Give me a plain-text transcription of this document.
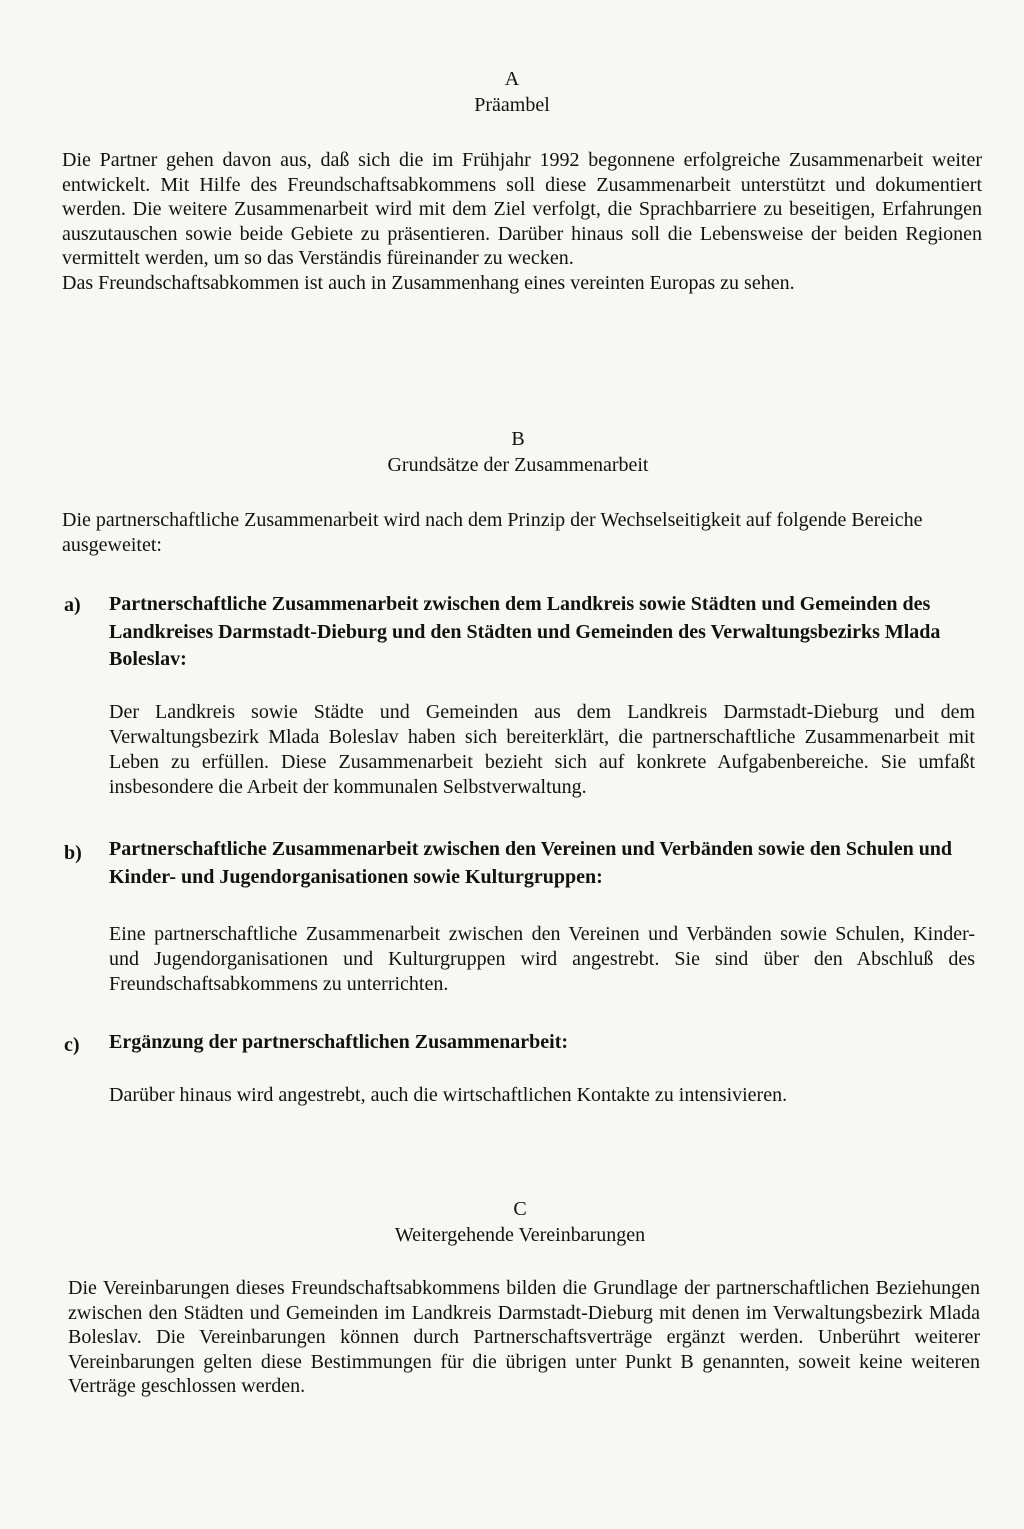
A

Präambel

Die Partner gehen davon aus, daß sich die im Frühjahr 1992 begonnene erfolgreiche Zusammenarbeit weiter entwickelt. Mit Hilfe des Freundschaftsabkommens soll diese Zusammenarbeit unterstützt und dokumentiert werden. Die weitere Zusammenarbeit wird mit dem Ziel verfolgt, die Sprachbarriere zu beseitigen, Erfahrungen auszutauschen sowie beide Gebiete zu präsentieren. Darüber hinaus soll die Lebensweise der beiden Regionen vermittelt werden, um so das Verständis füreinander zu wecken.

Das Freundschaftsabkommen ist auch in Zusammenhang eines vereinten Europas zu sehen.

B

Grundsätze der Zusammenarbeit

Die partnerschaftliche Zusammenarbeit wird nach dem Prinzip der Wechselseitigkeit auf folgende Bereiche ausgeweitet:

a) Partnerschaftliche Zusammenarbeit zwischen dem Landkreis sowie Städten und Gemeinden des Landkreises Darmstadt-Dieburg und den Städten und Gemeinden des Verwaltungsbezirks Mlada Boleslav:

Der Landkreis sowie Städte und Gemeinden aus dem Landkreis Darmstadt-Dieburg und dem Verwaltungsbezirk Mlada Boleslav haben sich bereiterklärt, die partnerschaftliche Zusammenarbeit mit Leben zu erfüllen. Diese Zusammenarbeit bezieht sich auf konkrete Aufgabenbereiche. Sie umfaßt insbesondere die Arbeit der kommunalen Selbstverwaltung.

b) Partnerschaftliche Zusammenarbeit zwischen den Vereinen und Verbänden sowie den Schulen und Kinder- und Jugendorganisationen sowie Kulturgruppen:

Eine partnerschaftliche Zusammenarbeit zwischen den Vereinen und Verbänden sowie Schulen, Kinder- und Jugendorganisationen und Kulturgruppen wird angestrebt. Sie sind über den Abschluß des Freundschaftsabkommens zu unterrichten.

c) Ergänzung der partnerschaftlichen Zusammenarbeit:

Darüber hinaus wird angestrebt, auch die wirtschaftlichen Kontakte zu intensivieren.

C

Weitergehende Vereinbarungen

Die Vereinbarungen dieses Freundschaftsabkommens bilden die Grundlage der partnerschaftlichen Beziehungen zwischen den Städten und Gemeinden im Landkreis Darmstadt-Dieburg mit denen im Verwaltungsbezirk Mlada Boleslav. Die Vereinbarungen können durch Partnerschaftsverträge ergänzt werden. Unberührt weiterer Vereinbarungen gelten diese Bestimmungen für die übrigen unter Punkt B genannten, soweit keine weiteren Verträge geschlossen werden.
